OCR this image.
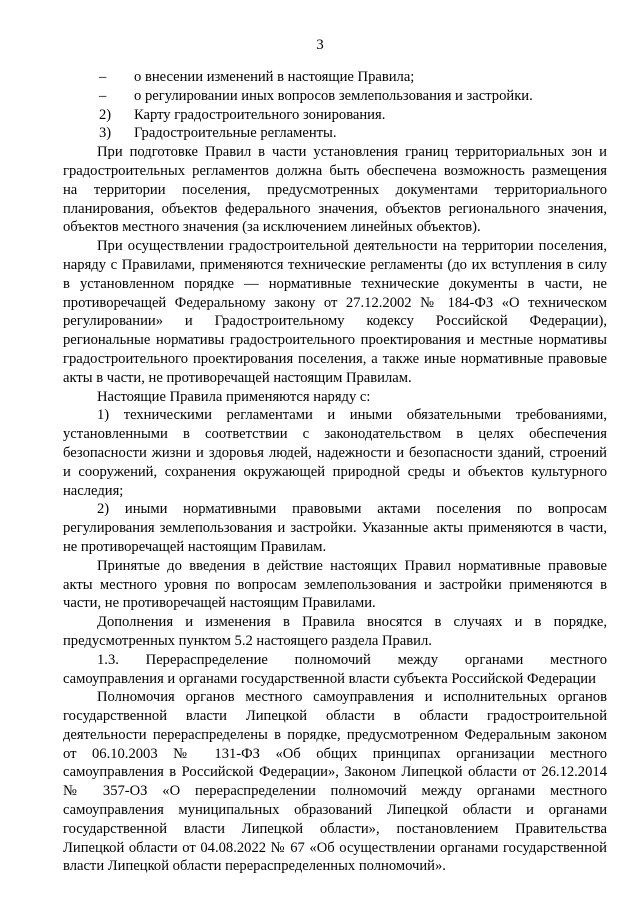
3
– о внесении изменений в настоящие Правила;
– о регулировании иных вопросов землепользования и застройки.
2) Карту градостроительного зонирования.
3) Градостроительные регламенты.
При подготовке Правил в части установления границ территориальных зон и
градостроительных регламентов должна быть обеспечена возможность размещения
на территории поселения, предусмотренных документами территориального
планирования, объектов федерального значения, объектов регионального значения,
объектов местного значения (за исключением линейных объектов).
При осуществлении градостроительной деятельности на территории поселения,
наряду с Правилами, применяются технические регламенты (до их вступления в силу
в установленном порядке — нормативные технические документы в части, не
противоречащей Федеральному закону от 27.12.2002 № 184-ФЗ «О техническом
регулировании» и Градостроительному кодексу Российской Федерации),
региональные нормативы градостроительного проектирования и местные нормативы
градостроительного проектирования поселения, а также иные нормативные правовые
акты в части, не противоречащей настоящим Правилам.
Настоящие Правила применяются наряду с:
1) техническими регламентами и иными обязательными требованиями,
установленными в соответствии с законодательством в целях обеспечения
безопасности жизни и здоровья людей, надежности и безопасности зданий, строений
и сооружений, сохранения окружающей природной среды и объектов культурного
наследия;
2) иными нормативными правовыми актами поселения по вопросам
регулирования землепользования и застройки. Указанные акты применяются в части,
не противоречащей настоящим Правилам.
Принятые до введения в действие настоящих Правил нормативные правовые
акты местного уровня по вопросам землепользования и застройки применяются в
части, не противоречащей настоящим Правилами.
Дополнения и изменения в Правила вносятся в случаях и в порядке,
предусмотренных пунктом 5.2 настоящего раздела Правил.
1.3. Перераспределение полномочий между органами местного
самоуправления и органами государственной власти субъекта Российской Федерации
Полномочия органов местного самоуправления и исполнительных органов
государственной власти Липецкой области в области градостроительной
деятельности перераспределены в порядке, предусмотренном Федеральным законом
от 06.10.2003 № 131-ФЗ «Об общих принципах организации местного
самоуправления в Российской Федерации», Законом Липецкой области от 26.12.2014
№ 357-ОЗ «О перераспределении полномочий между органами местного
самоуправления муниципальных образований Липецкой области и органами
государственной власти Липецкой области», постановлением Правительства
Липецкой области от 04.08.2022 № 67 «Об осуществлении органами государственной
власти Липецкой области перераспределенных полномочий».
